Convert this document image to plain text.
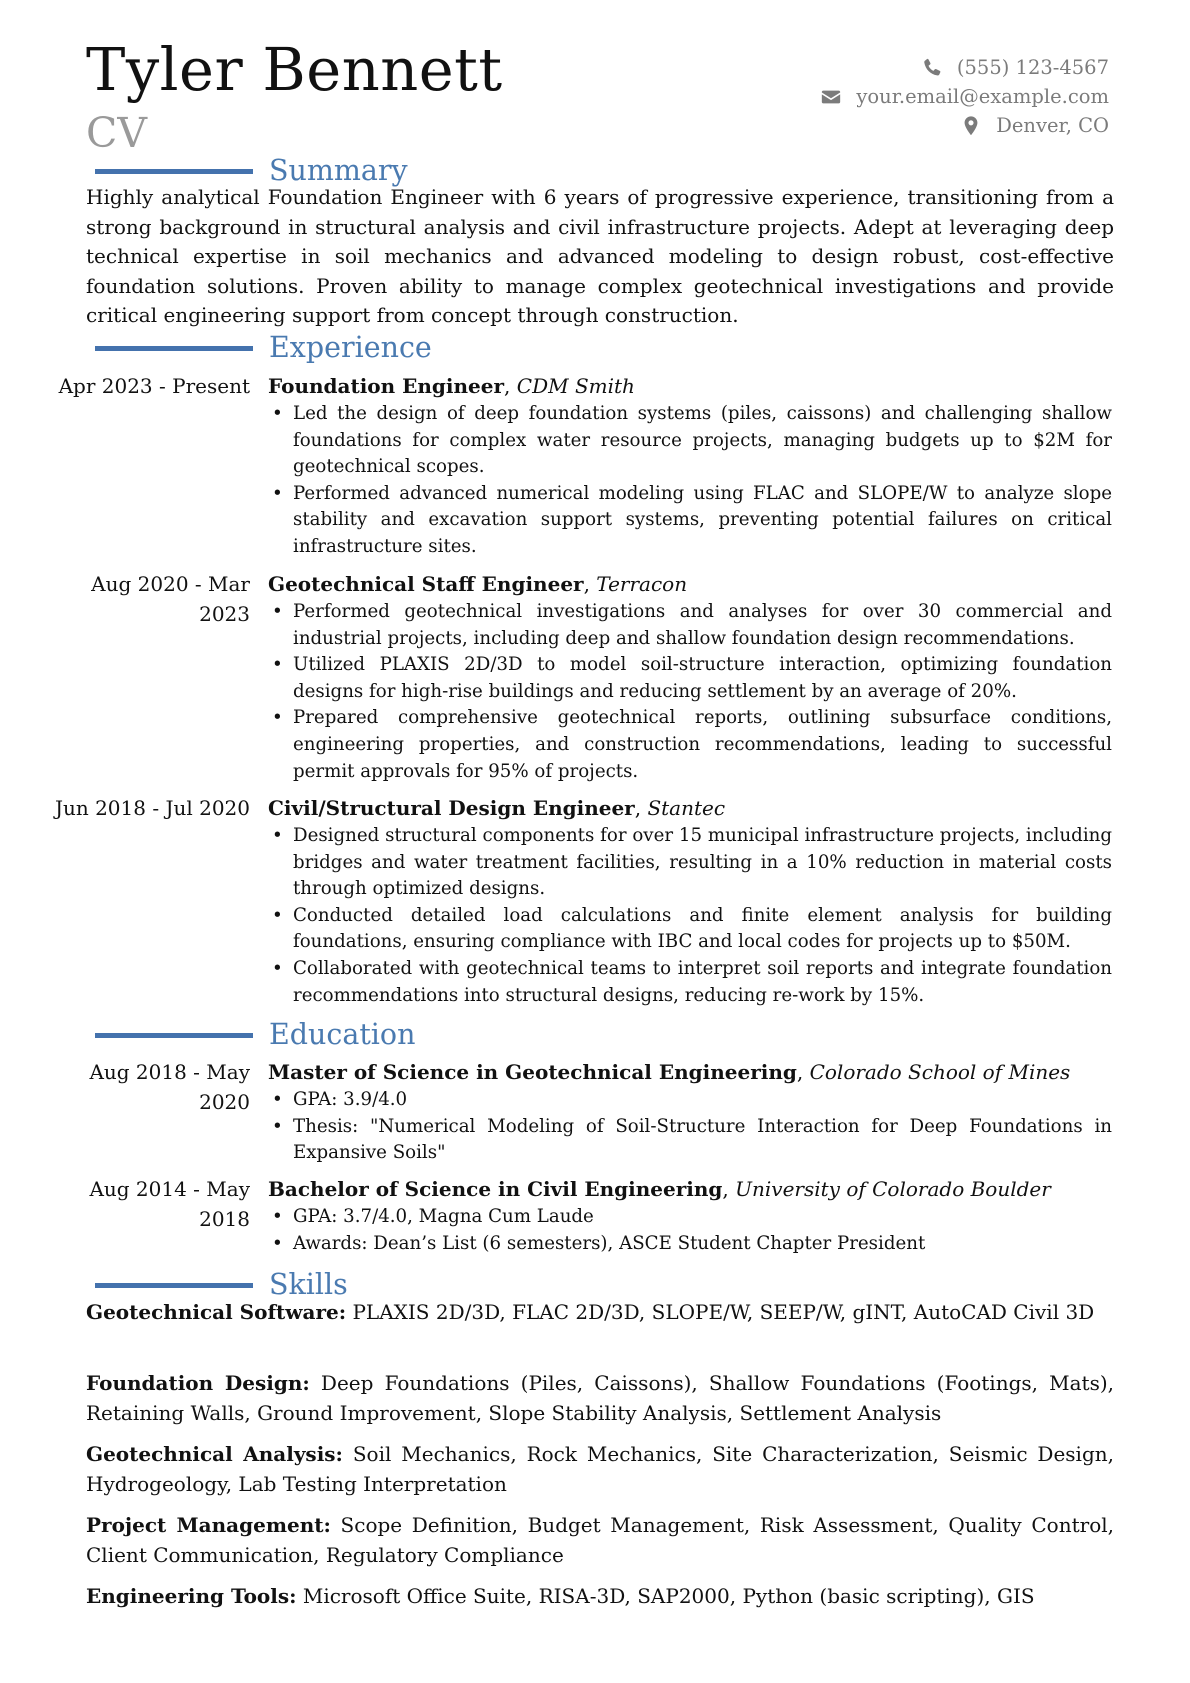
Tyler Bennett
CV
(555) 123-4567
your.email@example.com
Denver, CO
Summary

Highly analytical Foundation Engineer with 6 years of progressive experience, transitioning from a strong background in structural analysis and civil infrastructure projects. Adept at leveraging deep technical expertise in soil mechanics and advanced modeling to design robust, cost-effective foundation solutions. Proven ability to manage complex geotechnical investigations and provide critical engineering support from concept through construction.

Experience
Apr 2023 - Present Foundation Engineer, CDM Smith
• Led the design of deep foundation systems (piles, caissons) and challenging shallow foundations for complex water resource projects, managing budgets up to $2M for geotechnical scopes.
• Performed advanced numerical modeling using FLAC and SLOPE/W to analyze slope stability and excavation support systems, preventing potential failures on critical infrastructure sites.
Aug 2020 - Mar 2023
Geotechnical Staff Engineer, Terracon
• Performed geotechnical investigations and analyses for over 30 commercial and industrial projects, including deep and shallow foundation design recommendations.
• Utilized PLAXIS 2D/3D to model soil-structure interaction, optimizing foundation designs for high-rise buildings and reducing settlement by an average of 20%.
• Prepared comprehensive geotechnical reports, outlining subsurface conditions, engineering properties, and construction recommendations, leading to successful permit approvals for 95% of projects.
Jun 2018 - Jul 2020 Civil/Structural Design Engineer, Stantec
• Designed structural components for over 15 municipal infrastructure projects, including bridges and water treatment facilities, resulting in a 10% reduction in material costs through optimized designs.
• Conducted detailed load calculations and finite element analysis for building foundations, ensuring compliance with IBC and local codes for projects up to $50M.
• Collaborated with geotechnical teams to interpret soil reports and integrate foundation recommendations into structural designs, reducing re-work by 15%.
Education
Aug 2018 - May 2020
Master of Science in Geotechnical Engineering, Colorado School of Mines
• GPA: 3.9/4.0
• Thesis: "Numerical Modeling of Soil-Structure Interaction for Deep Foundations in Expansive Soils"
Aug 2014 - May 2018
Bachelor of Science in Civil Engineering, University of Colorado Boulder
• GPA: 3.7/4.0, Magna Cum Laude
• Awards: Dean’s List (6 semesters), ASCE Student Chapter President
Skills

Geotechnical Software: PLAXIS 2D/3D, FLAC 2D/3D, SLOPE/W, SEEP/W, gINT, AutoCAD Civil 3D

Foundation Design: Deep Foundations (Piles, Caissons), Shallow Foundations (Footings, Mats), Retaining Walls, Ground Improvement, Slope Stability Analysis, Settlement Analysis

Geotechnical Analysis: Soil Mechanics, Rock Mechanics, Site Characterization, Seismic Design, Hydrogeology, Lab Testing Interpretation

Project Management: Scope Definition, Budget Management, Risk Assessment, Quality Control, Client Communication, Regulatory Compliance

Engineering Tools: Microsoft Office Suite, RISA-3D, SAP2000, Python (basic scripting), GIS
